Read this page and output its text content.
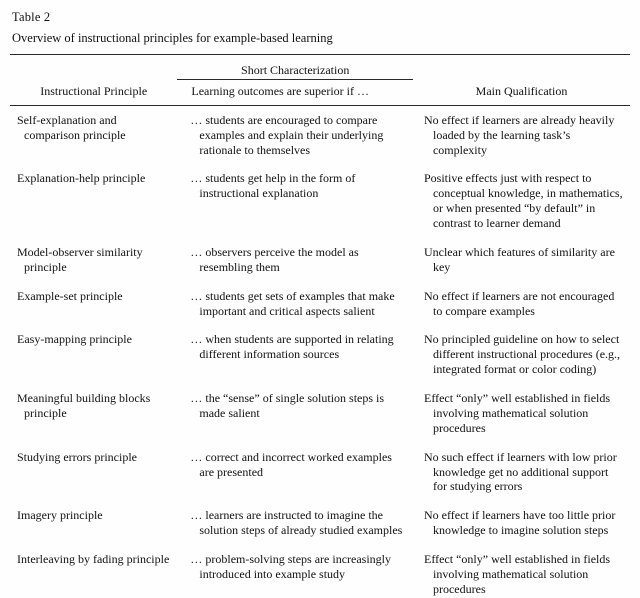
Table 2
Overview of instructional principles for example-based learning
	Short Characterization	
Instructional Principle	Learning outcomes are superior if …	Main Qualification
Self-explanation and comparison principle	… students are encouraged to compare examples and explain their underlying rationale to themselves	No effect if learners are already heavily loaded by the learning task’s complexity
Explanation-help principle	… students get help in the form of instructional explanation	Positive effects just with respect to conceptual knowledge, in mathematics, or when presented “by default” in contrast to learner demand
Model-observer similarity principle	… observers perceive the model as resembling them	Unclear which features of similarity are key
Example-set principle	… students get sets of examples that make important and critical aspects salient	No effect if learners are not encouraged to compare examples
Easy-mapping principle	… when students are supported in relating different information sources	No principled guideline on how to select different instructional procedures (e.g., integrated format or color coding)
Meaningful building blocks principle	… the “sense” of single solution steps is made salient	Effect “only” well established in fields involving mathematical solution procedures
Studying errors principle	… correct and incorrect worked examples are presented	No such effect if learners with low prior knowledge get no additional support for studying errors
Imagery principle	… learners are instructed to imagine the solution steps of already studied examples	No effect if learners have too little prior knowledge to imagine solution steps
Interleaving by fading principle	… problem-solving steps are increasingly introduced into example study	Effect “only” well established in fields involving mathematical solution procedures
